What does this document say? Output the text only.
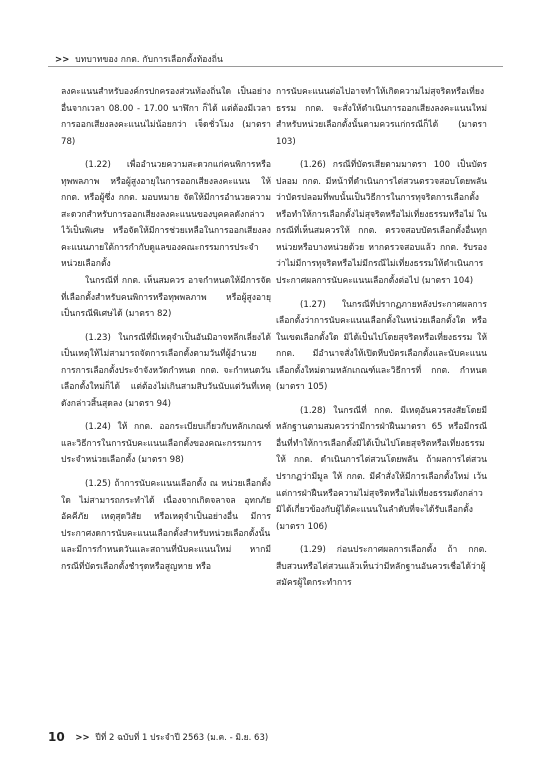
>> บทบาทของ กกต. กับการเลือกตั้งท้องถิ่น

ลงคะแนนสำหรับองค์กรปกครองส่วนท้องถิ่นใด เป็นอย่างอื่นจากเวลา 08.00 - 17.00 นาฬิกา ก็ได้ แต่ต้องมีเวลาการออกเสียงลงคะแนนไม่น้อยกว่า เจ็ดชั่วโมง (มาตรา 78)

(1.22) เพื่ออำนวยความสะดวกแก่คนพิการหรือทุพพลภาพ หรือผู้สูงอายุในการออกเสียงลงคะแนน ให้ กกต. หรือผู้ซึ่ง กกต. มอบหมาย จัดให้มีการอำนวยความสะดวกสำหรับการออกเสียงลงคะแนนของบุคคลดังกล่าวไว้เป็นพิเศษ หรือจัดให้มีการช่วยเหลือในการออกเสียงลงคะแนนภายใต้การกำกับดูแลของคณะกรรมการประจำหน่วยเลือกตั้ง

ในกรณีที่ กกต. เห็นสมควร อาจกำหนดให้มีการจัดที่เลือกตั้งสำหรับคนพิการหรือทุพพลภาพ หรือผู้สูงอายุ เป็นกรณีพิเศษได้ (มาตรา 82)

(1.23) ในกรณีที่มีเหตุจำเป็นอันมิอาจหลีกเลี่ยงได้ เป็นเหตุให้ไม่สามารถจัดการเลือกตั้งตามวันที่ผู้อำนวยการการเลือกตั้งประจำจังหวัดกำหนด กกต. จะกำหนดวันเลือกตั้งใหม่ก็ได้ แต่ต้องไม่เกินสามสิบวันนับแต่วันที่เหตุดังกล่าวสิ้นสุดลง (มาตรา 94)

(1.24) ให้ กกต. ออกระเบียบเกี่ยวกับหลักเกณฑ์ และวิธีการในการนับคะแนนเลือกตั้งของคณะกรรมการประจำหน่วยเลือกตั้ง (มาตรา 98)

(1.25) ถ้าการนับคะแนนเลือกตั้ง ณ หน่วยเลือกตั้งใด ไม่สามารถกระทำได้ เนื่องจากเกิดจลาจล อุทกภัย อัคคีภัย เหตุสุดวิสัย หรือเหตุจำเป็นอย่างอื่น มีการประกาศงดการนับคะแนนเลือกตั้งสำหรับหน่วยเลือกตั้งนั้น และมีการกำหนดวันและสถานที่นับคะแนนใหม่ หากมีกรณีที่บัตรเลือกตั้งชำรุดหรือสูญหาย หรือ

การนับคะแนนต่อไปอาจทำให้เกิดความไม่สุจริตหรือเที่ยงธรรม กกต. จะสั่งให้ดำเนินการออกเสียงลงคะแนนใหม่สำหรับหน่วยเลือกตั้งนั้นตามควรแก่กรณีก็ได้ (มาตรา 103)

(1.26) กรณีที่บัตรเสียตามมาตรา 100 เป็นบัตรปลอม กกต. มีหน้าที่ดำเนินการไต่สวนตรวจสอบโดยพลันว่าบัตรปลอมที่พบนั้นเป็นวิธีการในการทุจริตการเลือกตั้งหรือทำให้การเลือกตั้งไม่สุจริตหรือไม่เที่ยงธรรมหรือไม่ ในกรณีที่เห็นสมควรให้ กกต. ตรวจสอบบัตรเลือกตั้งอื่นทุกหน่วยหรือบางหน่วยด้วย หากตรวจสอบแล้ว กกต. รับรองว่าไม่มีการทุจริตหรือไม่มีกรณีไม่เที่ยงธรรมให้ดำเนินการประกาศผลการนับคะแนนเลือกตั้งต่อไป (มาตรา 104)

(1.27) ในกรณีที่ปรากฏภายหลังประกาศผลการเลือกตั้งว่าการนับคะแนนเลือกตั้งในหน่วยเลือกตั้งใด หรือในเขตเลือกตั้งใด มิได้เป็นไปโดยสุจริตหรือเที่ยงธรรม ให้ กกต. มีอำนาจสั่งให้เปิดหีบบัตรเลือกตั้งและนับคะแนนเลือกตั้งใหม่ตามหลักเกณฑ์และวิธีการที่ กกต. กำหนด (มาตรา 105)

(1.28) ในกรณีที่ กกต. มีเหตุอันควรสงสัยโดยมีหลักฐานตามสมควรว่ามีการฝ่าฝืนมาตรา 65 หรือมีกรณีอื่นที่ทำให้การเลือกตั้งมิได้เป็นไปโดยสุจริตหรือเที่ยงธรรม ให้ กกต. ดำเนินการไต่สวนโดยพลัน ถ้าผลการไต่สวนปรากฏว่ามีมูล ให้ กกต. มีคำสั่งให้มีการเลือกตั้งใหม่ เว้นแต่การฝ่าฝืนหรือความไม่สุจริตหรือไม่เที่ยงธรรมดังกล่าวมิได้เกี่ยวข้องกับผู้ได้คะแนนในลำดับที่จะได้รับเลือกตั้ง (มาตรา 106)

(1.29) ก่อนประกาศผลการเลือกตั้ง ถ้า กกต. สืบสวนหรือไต่สวนแล้วเห็นว่ามีหลักฐานอันควรเชื่อได้ว่าผู้สมัครผู้ใดกระทำการ

10 >> ปีที่ 2 ฉบับที่ 1 ประจำปี 2563 (ม.ค. - มิ.ย. 63)
